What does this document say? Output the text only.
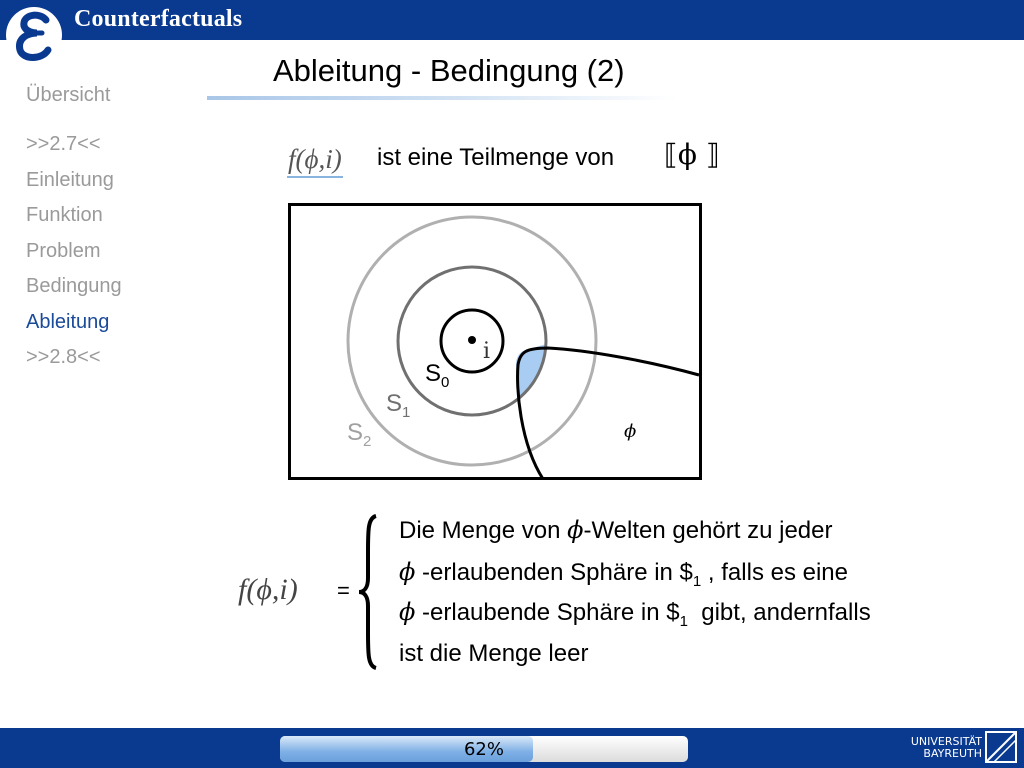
Counterfactuals
Ableitung - Bedingung (2)
Übersicht
>>2.7<<
Einleitung
Funktion
Problem
Bedingung
Ableitung
>>2.8<<
f(ϕ,i) ist eine Teilmenge von ⟦ϕ ⟧
i
$S_0$
$S_1$
$S_2$	ϕ
f(ϕ,i) =
Die Menge von ϕ-Welten gehört zu jeder
ϕ -erlaubenden Sphäre in $\$_1$ , falls es eine
ϕ -erlaubende Sphäre in $\$_1$ gibt, andernfalls
ist die Menge leer
62%	UNIVERSITÄT
BAYREUTH
